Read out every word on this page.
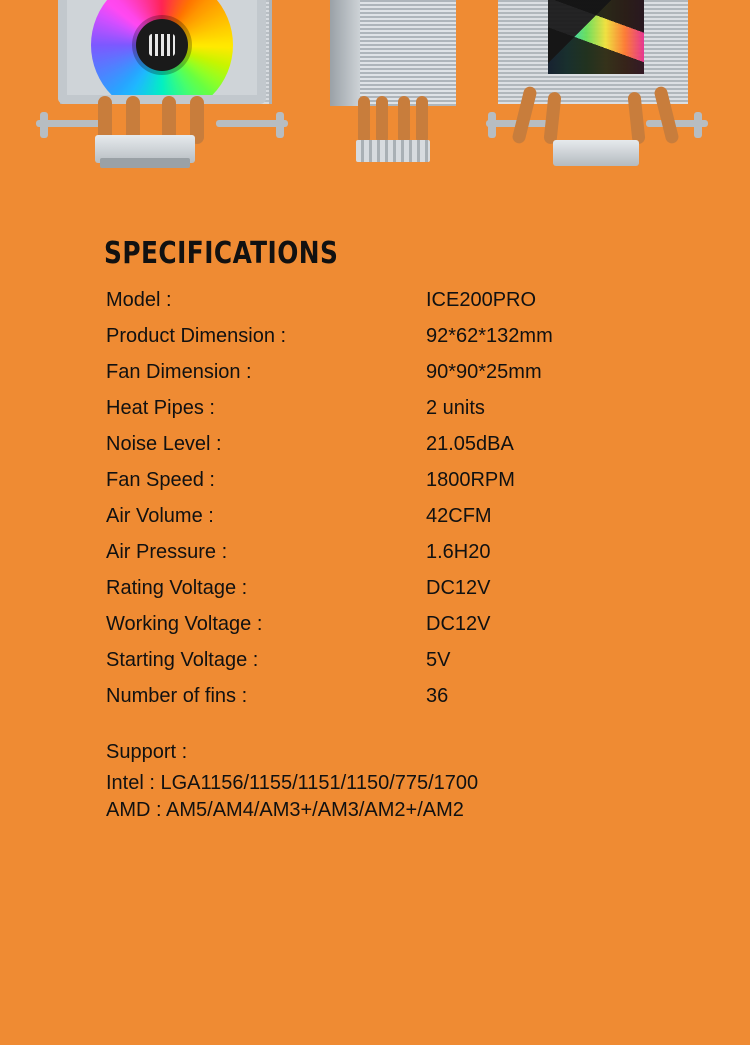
SPECIFICATIONS
Model :	ICE200PRO
Product Dimension :	92*62*132mm
Fan Dimension :	90*90*25mm
Heat Pipes :	2 units
Noise Level :	21.05dBA
Fan Speed :	1800RPM
Air Volume :	42CFM
Air Pressure :	1.6H20
Rating Voltage :	DC12V
Working Voltage :	DC12V
Starting Voltage :	5V
Number of fins :	36
Support :
Intel : LGA1156/1155/1151/1150/775/1700
AMD : AM5/AM4/AM3+/AM3/AM2+/AM2
